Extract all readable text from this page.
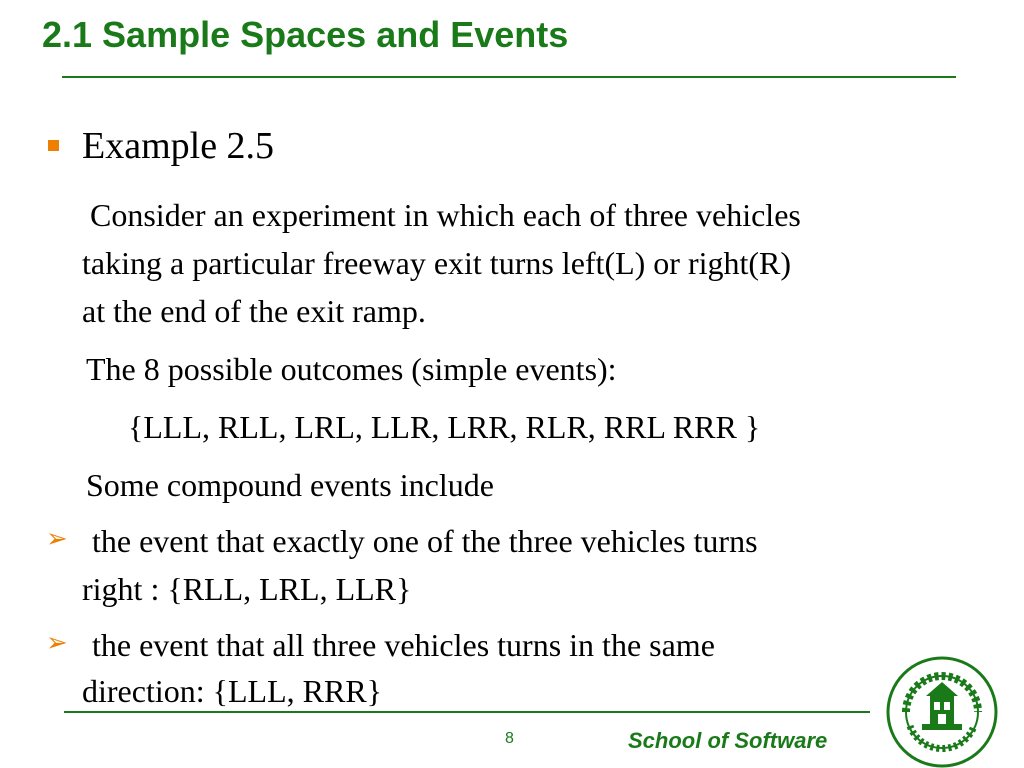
2.1 Sample Spaces and Events
Example 2.5
Consider an experiment in which each of three vehicles
taking a particular freeway exit turns left(L) or right(R)
at the end of the exit ramp.
The 8 possible outcomes (simple events):
{LLL, RLL, LRL, LLR, LRR, RLR, RRL RRR }
Some compound events include
➢ the event that exactly one of the three vehicles turns
right : {RLL, LRL, LLR}
➢ the event that all three vehicles turns in the same
direction: {LLL, RRR}
8	School of Software
